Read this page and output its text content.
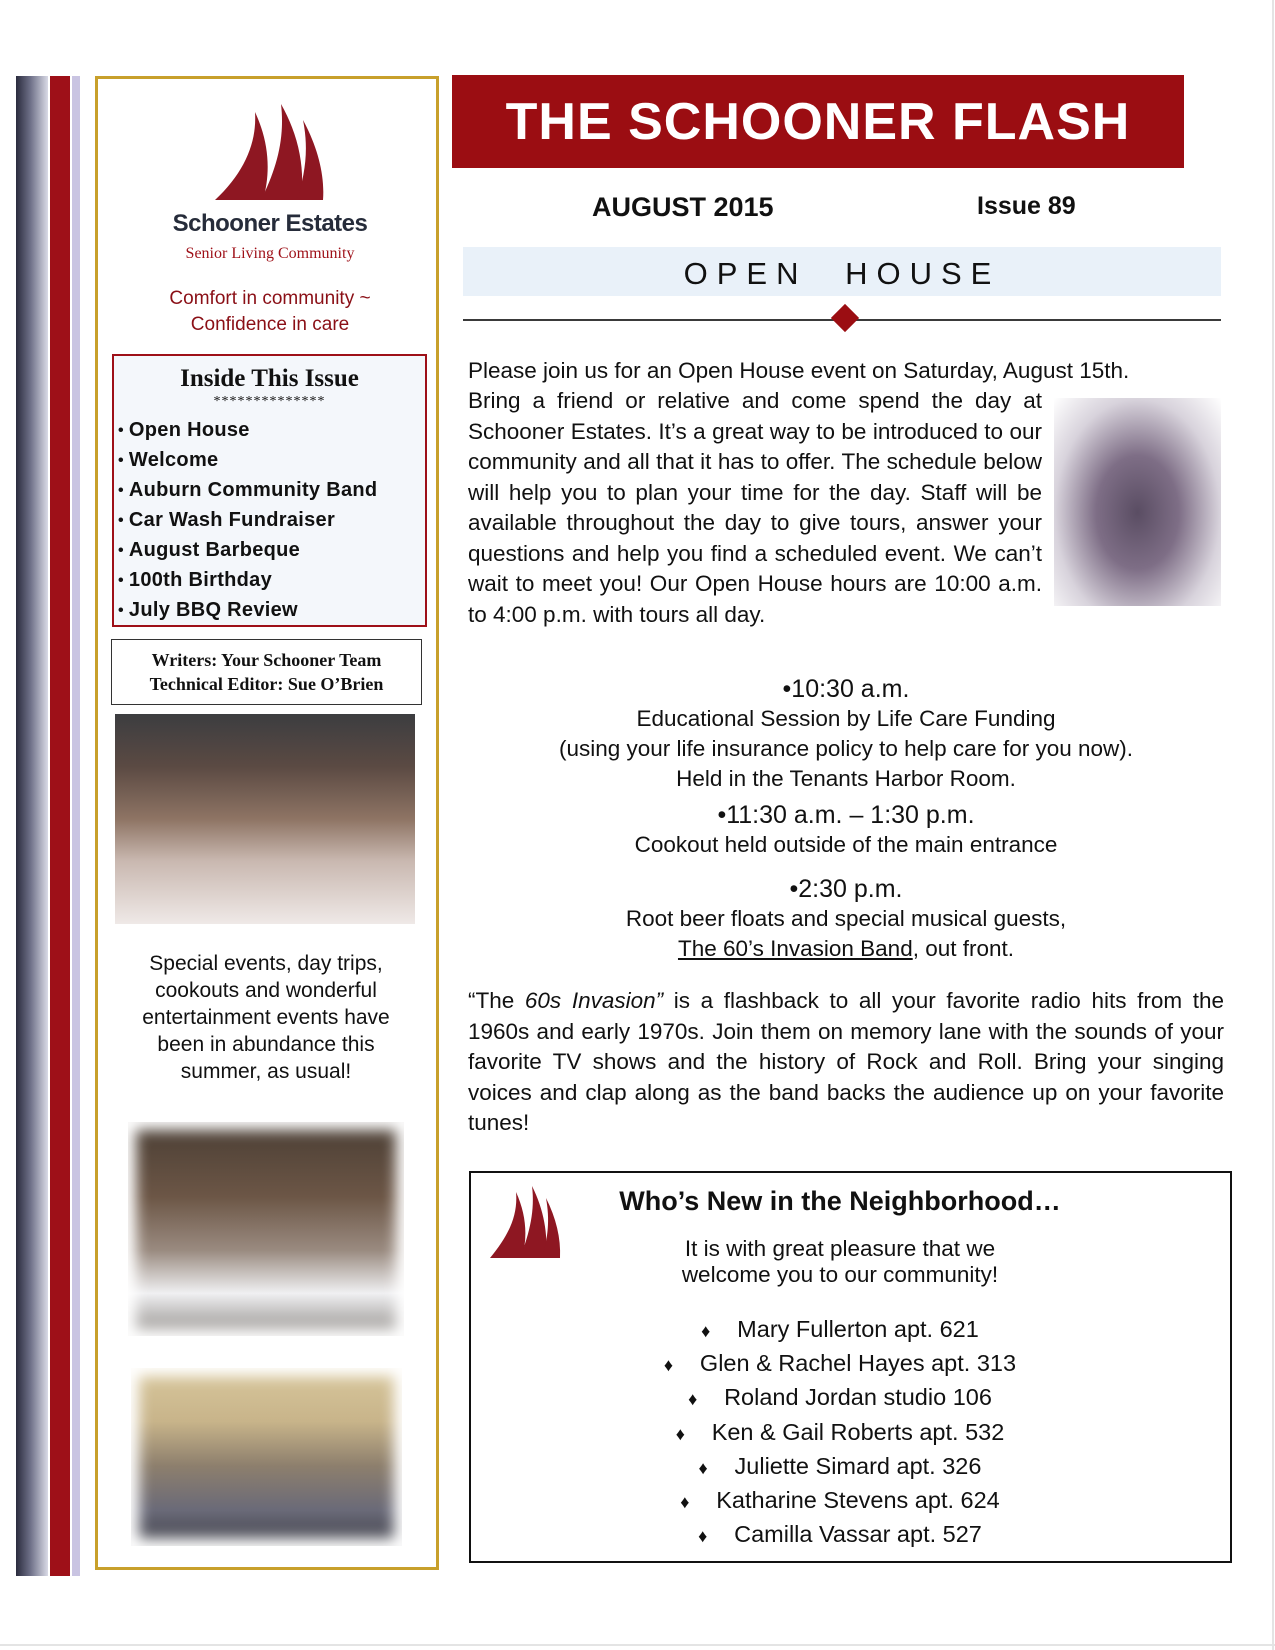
Schooner Estates
Senior Living Community
Comfort in community ~
Confidence in care
Inside This Issue
**************
• Open House
• Welcome
• Auburn Community Band
• Car Wash Fundraiser
• August Barbeque
• 100th Birthday
• July BBQ Review
Writers: Your Schooner Team
Technical Editor: Sue O’Brien
Special events, day trips, cookouts and wonderful entertainment events have been in abundance this summer, as usual!
THE SCHOONER FLASH
AUGUST 2015	Issue 89
OPEN HOUSE
Please join us for an Open House event on Saturday, August 15th.
Bring a friend or relative and come spend the day at Schooner Estates. It’s a great way to be introduced to our community and all that it has to offer. The schedule below will help you to plan your time for the day. Staff will be available throughout the day to give tours, answer your questions and help you find a scheduled event. We can’t wait to meet you! Our Open House hours are 10:00 a.m. to 4:00 p.m. with tours all day.
•10:30 a.m.
Educational Session by Life Care Funding
(using your life insurance policy to help care for you now).
Held in the Tenants Harbor Room.
•11:30 a.m. – 1:30 p.m.
Cookout held outside of the main entrance
•2:30 p.m.
Root beer floats and special musical guests,
The 60’s Invasion Band, out front.
“The 60s Invasion” is a flashback to all your favorite radio hits from the 1960s and early 1970s. Join them on memory lane with the sounds of your favorite TV shows and the history of Rock and Roll. Bring your singing voices and clap along as the band backs the audience up on your favorite tunes!
Who’s New in the Neighborhood…
It is with great pleasure that we
welcome you to our community!
♦ Mary Fullerton apt. 621
♦ Glen & Rachel Hayes apt. 313
♦ Roland Jordan studio 106
♦ Ken & Gail Roberts apt. 532
♦ Juliette Simard apt. 326
♦ Katharine Stevens apt. 624
♦ Camilla Vassar apt. 527
